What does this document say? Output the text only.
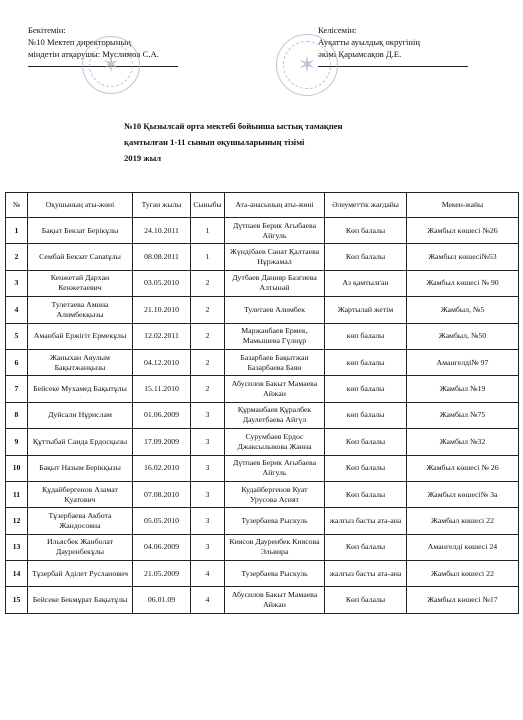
Бекітемін:
№10 Мектеп директорының
міндетін атқарушы: Муслимов С.А.
Келісемін:
Ауқатты ауылдық округінің
әкімі Қарымсақов Д.Е.
✶	✶
№10 Қызылсай орта мектебі бойынша ыстық тамақпен
қамтылған 1-11 сынып оқушыларының тізімі
2019 жыл
№	Оқушының аты-жөні	Туған жылы	Сыныбы	Ата-анасының аты-жөні	Әлеуметтік жағдайы	Мекен-жайы
1	Бақыт Бекзат Берікұлы	24.10.2011	1	Дүтпаев Берик Ағыбаева Айгуль	Көп балалы	Жамбыл көшесі №26
2	Сембай Бекзат Сanatұлы	08.08.2011	1	Жүндібаев Санат Қалтаева Нұржамал	Көп балалы	Жамбыл көшесі№53
3	Кенжетай Дархан Кенжетаевич	03.05.2010	2	Дутбаев Данияр Базгиева Алтынай	Аз қамтылған	Жамбыл көшесі № 90
4	Тулетаева Амина Алимбекқызы	21.10.2010	2	Тулетаев Алимбек	Жартылай жетім	Жамбыл, №5
5	Аманбай Ержігіт Ермекұлы	12.02.2011	2	Маржанбаев Ермек, Мамышева Гүлнұр	көп балалы	Жамбыл, №50
6	Жаныхан Аяулым Бақытжанқызы	04.12.2010	2	Базарбаев Бақытжан Базарбаева Баян	көп балалы	Амангелді№ 97
7	Бейсеке Мухамед Бақытұлы	15.11.2010	2	Абусилов Бакыт Мамаева Айжан	көп балалы	Жамбыл №19
8	Дуйсали Нұрислам	01.06.2009	3	Құрманбаев Құралбек Даулетбаева Айгүл	көп балалы	Жамбыл №75
9	Құттыбай Саида Ердосқызы	17.09.2009	3	Сурумбаев Ердос Джаксылыкова Жанна	Көп балалы	Жамбыл №32
10	Бақыт Назым Берікқызы	16.02.2010	3	Дүтпаев Берик Ағыбаева Айгуль	Көп балалы	Жамбыл көшесі № 26
11	Құдайбергенов Азамат Қуатович	07.08.2010	3	Кудайбергенов Куат Урусова Асият	Көп балалы	Жамбыл көшесі№ 3а
12	Тұзербаева Акбота Жандосовна	05.05.2010	3	Тузербаева Рыскуль	жалғыз басты ата-ана	Жамбыл көшесі 22
13	Ильясбек Жанболат Дауренбекұлы	04.06.2009	3	Киясов Дауренбек Киясова Эльвира	Көп балалы	Амангелді көшесі 24
14	Тұзербай Аділет Русланович	21.05.2009	4	Тузербаева Рыскуль	жалғыз басты ата-ана	Жамбыл көшесі 22
15	Бейсеке Бекмұрат Бақытұлы	06.01.09	4	Абусилов Бакыт Мамаева Айжан	Көп балалы	Жамбыл көшесі №17
